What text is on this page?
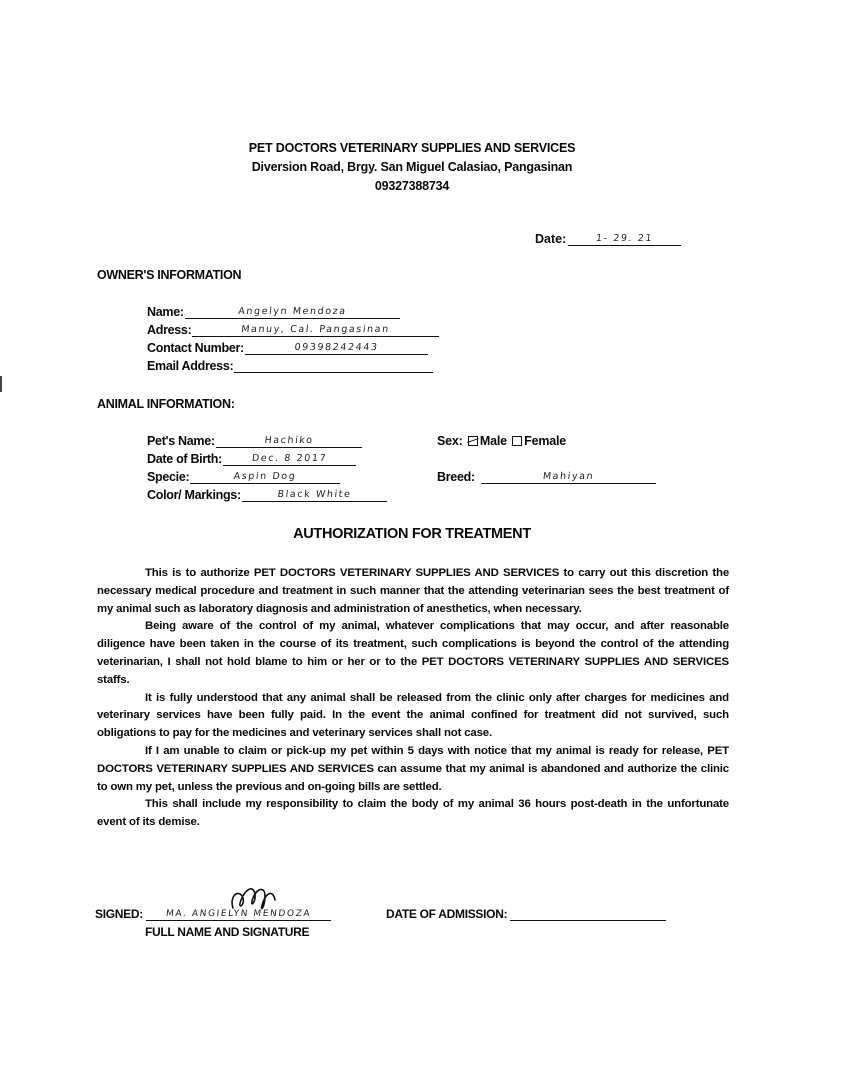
PET DOCTORS VETERINARY SUPPLIES AND SERVICES
Diversion Road, Brgy. San Miguel Calasiao, Pangasinan
09327388734
Date:	1- 29. 21
OWNER'S INFORMATION
Name:	Angelyn Mendoza
Adress:	Manuy, Cal. Pangasinan
Contact Number:	09398242443
Email Address:
ANIMAL INFORMATION:
Pet's Name:	Hachiko
Date of Birth:	Dec. 8 2017
Specie:	Aspin Dog
Color/ Markings:	Black White
Sex: Male Female
Breed:	Mahiyan
AUTHORIZATION FOR TREATMENT

This is to authorize PET DOCTORS VETERINARY SUPPLIES AND SERVICES to carry out this discretion the necessary medical procedure and treatment in such manner that the attending veterinarian sees the best treatment of my animal such as laboratory diagnosis and administration of anesthetics, when necessary.

Being aware of the control of my animal, whatever complications that may occur, and after reasonable diligence have been taken in the course of its treatment, such complications is beyond the control of the attending veterinarian, I shall not hold blame to him or her or to the PET DOCTORS VETERINARY SUPPLIES AND SERVICES staffs.

It is fully understood that any animal shall be released from the clinic only after charges for medicines and veterinary services have been fully paid. In the event the animal confined for treatment did not survived, such obligations to pay for the medicines and veterinary services shall not case.

If I am unable to claim or pick-up my pet within 5 days with notice that my animal is ready for release, PET DOCTORS VETERINARY SUPPLIES AND SERVICES can assume that my animal is abandoned and authorize the clinic to own my pet, unless the previous and on-going bills are settled.

This shall include my responsibility to claim the body of my animal 36 hours post-death in the unfortunate event of its demise.

SIGNED:	MA. ANGIELYN MENDOZA
FULL NAME AND SIGNATURE
DATE OF ADMISSION:
